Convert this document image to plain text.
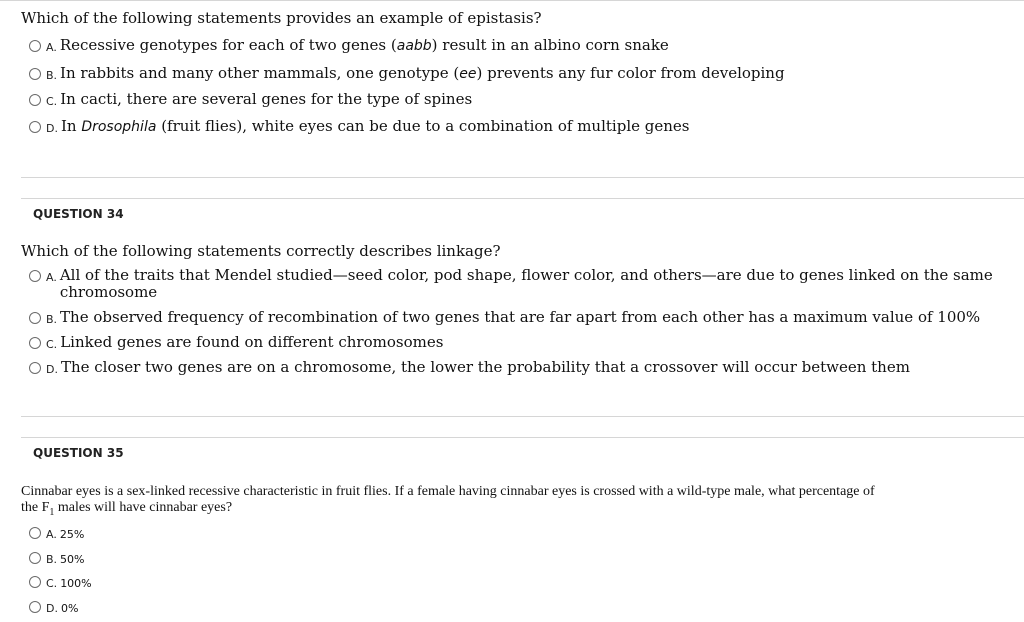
Which of the following statements provides an example of epistasis?
A. Recessive genotypes for each of two genes (aabb) result in an albino corn snake
B. In rabbits and many other mammals, one genotype (ee) prevents any fur color from developing
C. In cacti, there are several genes for the type of spines
D. In Drosophila (fruit flies), white eyes can be due to a combination of multiple genes
QUESTION 34
Which of the following statements correctly describes linkage?
A. All of the traits that Mendel studied—seed color, pod shape, flower color, and others—are due to genes linked on the same
chromosome
B. The observed frequency of recombination of two genes that are far apart from each other has a maximum value of 100%
C. Linked genes are found on different chromosomes
D. The closer two genes are on a chromosome, the lower the probability that a crossover will occur between them
QUESTION 35
Cinnabar eyes is a sex-linked recessive characteristic in fruit flies. If a female having cinnabar eyes is crossed with a wild-type male, what percentage of
the $F_1$ males will have cinnabar eyes?
A. 25%
B. 50%
C. 100%
D. 0%
